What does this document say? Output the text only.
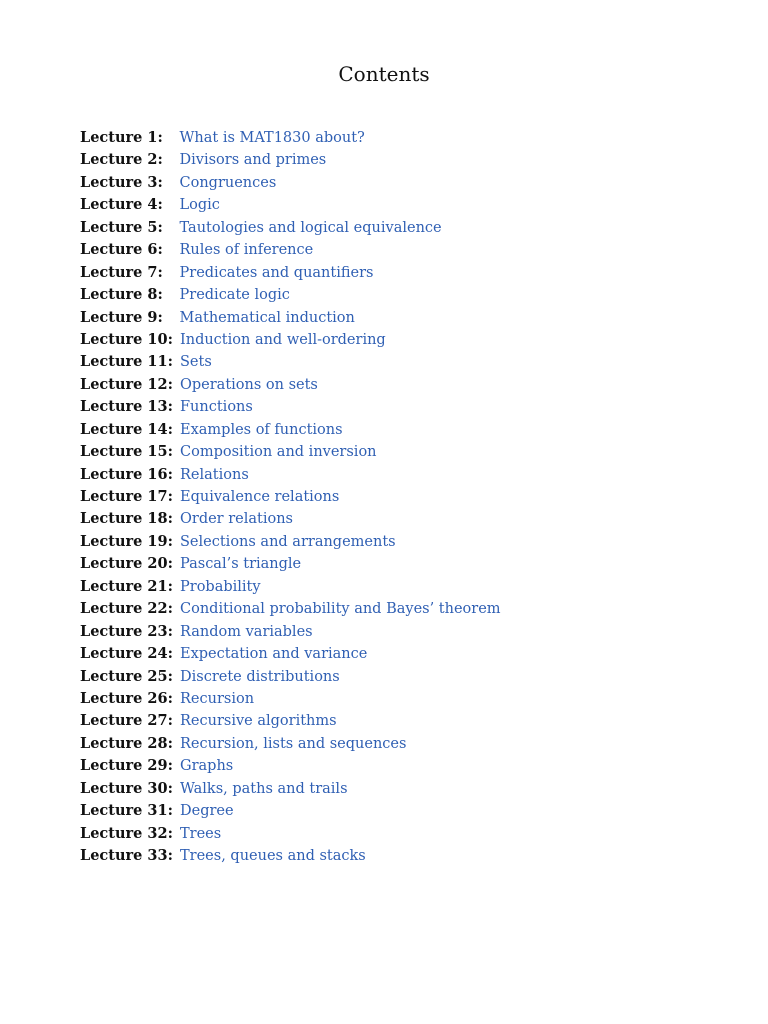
Contents
Lecture 1: What is MAT1830 about?
Lecture 2: Divisors and primes
Lecture 3: Congruences
Lecture 4: Logic
Lecture 5: Tautologies and logical equivalence
Lecture 6: Rules of inference
Lecture 7: Predicates and quantifiers
Lecture 8: Predicate logic
Lecture 9: Mathematical induction
Lecture 10: Induction and well-ordering
Lecture 11: Sets
Lecture 12: Operations on sets
Lecture 13: Functions
Lecture 14: Examples of functions
Lecture 15: Composition and inversion
Lecture 16: Relations
Lecture 17: Equivalence relations
Lecture 18: Order relations
Lecture 19: Selections and arrangements
Lecture 20: Pascal’s triangle
Lecture 21: Probability
Lecture 22: Conditional probability and Bayes’ theorem
Lecture 23: Random variables
Lecture 24: Expectation and variance
Lecture 25: Discrete distributions
Lecture 26: Recursion
Lecture 27: Recursive algorithms
Lecture 28: Recursion, lists and sequences
Lecture 29: Graphs
Lecture 30: Walks, paths and trails
Lecture 31: Degree
Lecture 32: Trees
Lecture 33: Trees, queues and stacks
